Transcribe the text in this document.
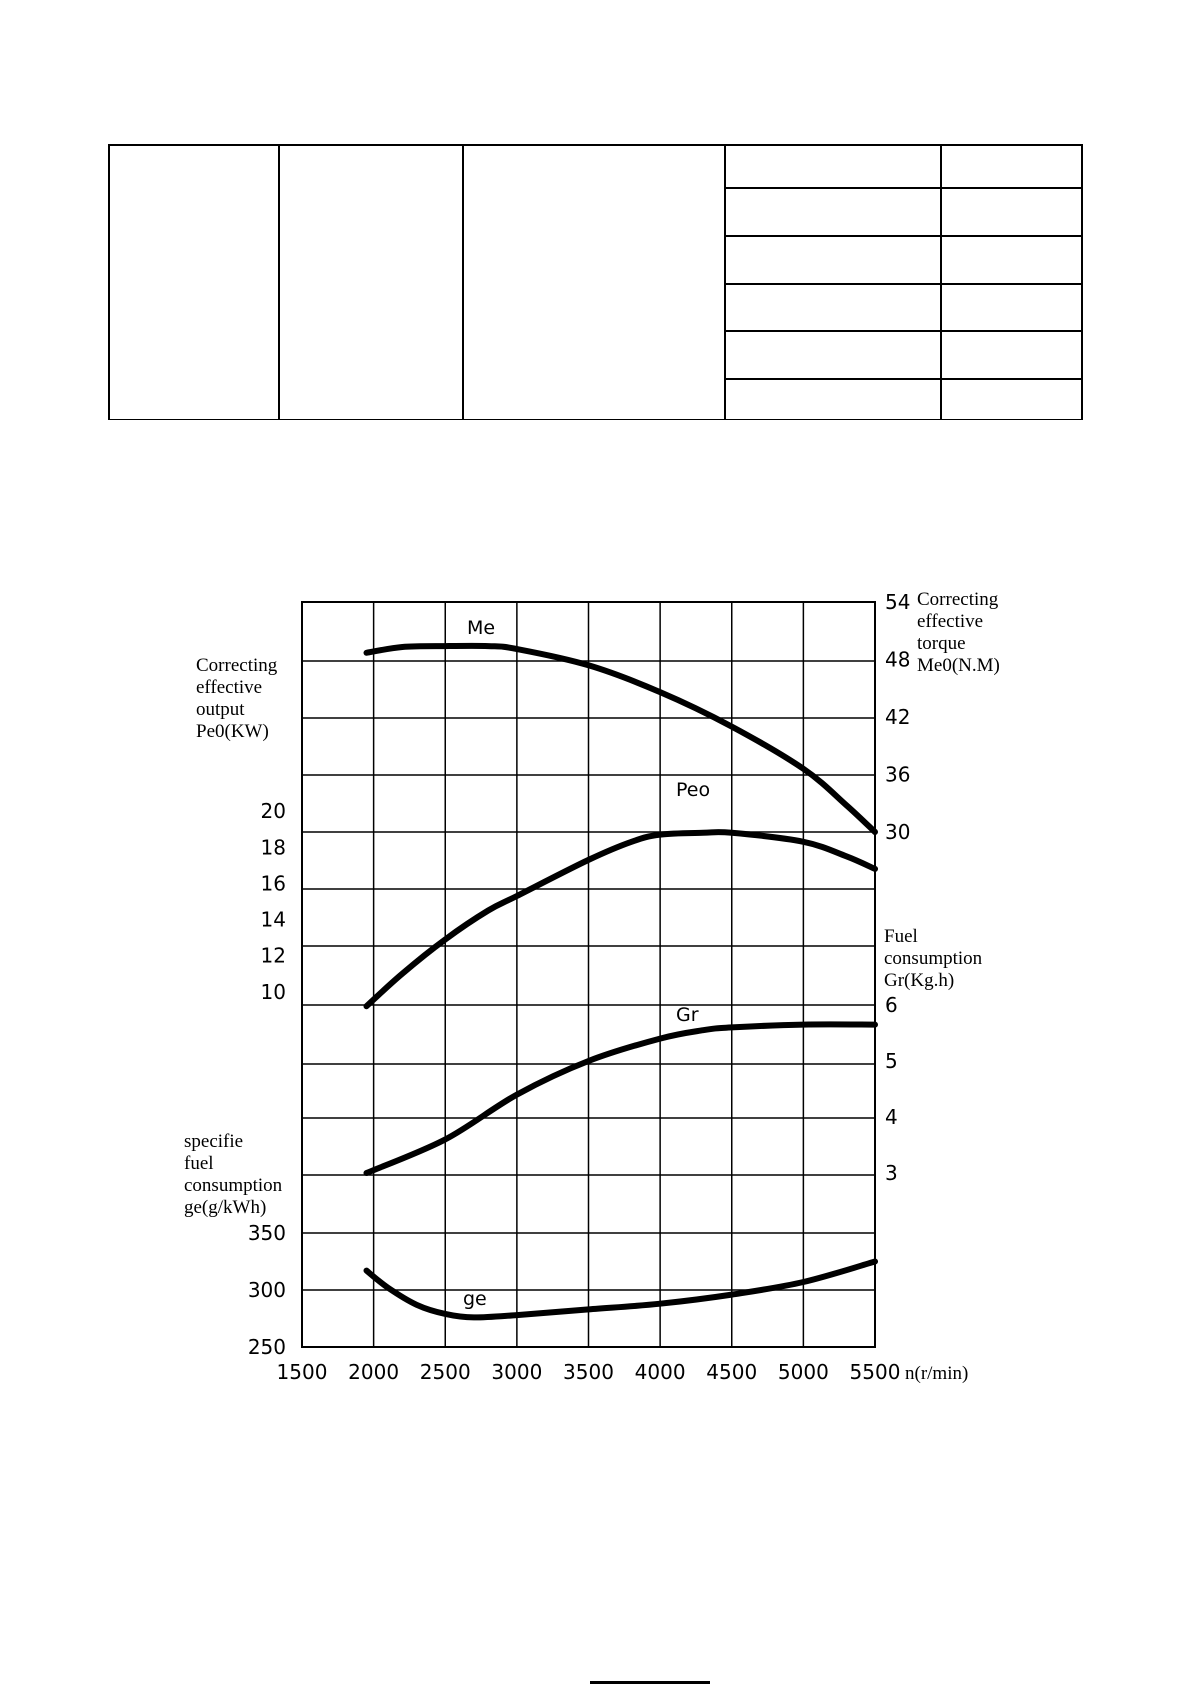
10
12
14
16
18
20
250
300
350
Correcting
effective
output
Pe0(KW)
specifie
fuel
consumption
ge(g/kWh)
30
36
42
48
54
3
4
5
6
Correcting
effective
torque
Me0(N.M)
Fuel
consumption
Gr(Kg.h)
1500 2000 2500 3000 3500 4000 4500 5000 5500 n(r/min)
Me
Peo
Gr
ge
